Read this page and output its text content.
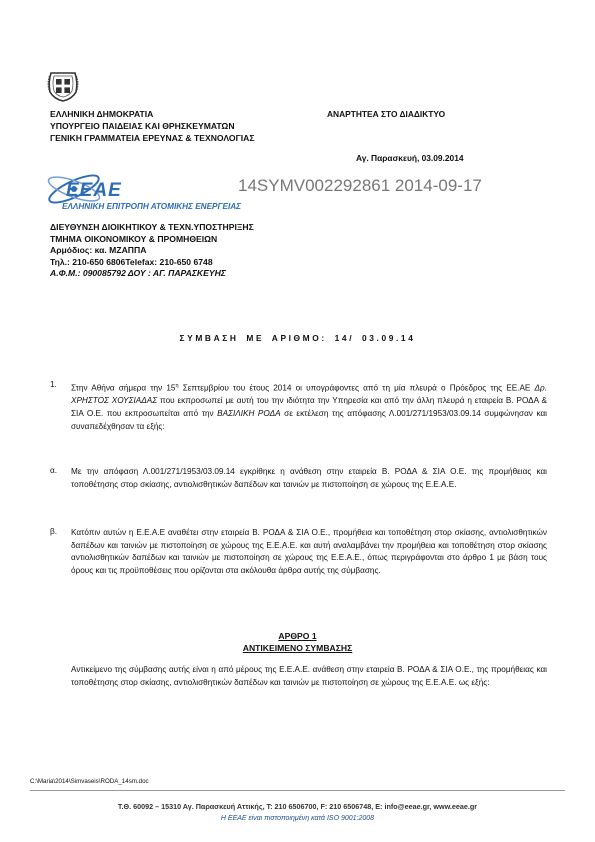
ΕΛΛΗΝΙΚΗ ΔΗΜΟΚΡΑΤΙΑ
ΥΠΟΥΡΓΕΙΟ ΠΑΙΔΕΙΑΣ ΚΑΙ ΘΡΗΣΚΕΥΜΑΤΩΝ
ΓΕΝΙΚΗ ΓΡΑΜΜΑΤΕΙΑ ΕΡΕΥΝΑΣ & ΤΕΧΝΟΛΟΓΙΑΣ
ΑΝΑΡΤΗΤΕΑ ΣΤΟ ΔΙΑΔΙΚΤΥΟ
Αγ. Παρασκευή, 03.09.2014
ΕΕΑΕ
ΕΛΛΗΝΙΚΗ ΕΠΙΤΡΟΠΗ ΑΤΟΜΙΚΗΣ ΕΝΕΡΓΕΙΑΣ
14SYMV002292861 2014-09-17
ΔΙΕΥΘΥΝΣΗ ΔΙΟΙΚΗΤΙΚΟΥ & ΤΕΧΝ.ΥΠΟΣΤΗΡΙΞΗΣ
ΤΜΗΜΑ ΟΙΚΟΝΟΜΙΚΟΥ & ΠΡΟΜΗΘΕΙΩΝ
Αρμόδιος: κα. ΜΖΑΠΠΑ
Τηλ.: 210-650 6806Telefax: 210-650 6748
Α.Φ.Μ.: 090085792 ΔΟΥ : ΑΓ. ΠΑΡΑΣΚΕΥΗΣ
ΣΥΜΒΑΣΗ ΜΕ ΑΡΙΘΜΟ: 14/ 03.09.14
1. Στην Αθήνα σήμερα την $15^\eta$ Σεπτεμβρίου του έτους 2014 οι υπογράφοντες από τη μία πλευρά ο Πρόεδρος της ΕΕ.ΑΕ Δρ. ΧΡΗΣΤΟΣ ΧΟΥΣΙΑΔΑΣ που εκπροσωπεί με αυτή του την ιδιότητα την Υπηρεσία και από την άλλη πλευρά η εταιρεία Β. ΡΟΔΑ & ΣΙΑ Ο.Ε. που εκπροσωπείται από την ΒΑΣΙΛΙΚΗ ΡΟΔΑ σε εκτέλεση της απόφασης Λ.001/271/1953/03.09.14 συμφώνησαν και συναπεδέχθησαν τα εξής:
α. Με την απόφαση Λ.001/271/1953/03.09.14 εγκρίθηκε η ανάθεση στην εταιρεία Β. ΡΟΔΑ & ΣΙΑ Ο.Ε. της προμήθειας και τοποθέτησης στορ σκίασης, αντιολισθητικών δαπέδων και ταινιών με πιστοποίηση σε χώρους της Ε.Ε.Α.Ε.
β. Κατόπιν αυτών η Ε.Ε.Α.Ε αναθέτει στην εταιρεία Β. ΡΟΔΑ & ΣΙΑ Ο.Ε., προμήθεια και τοποθέτηση στορ σκίασης, αντιολισθητικών δαπέδων και ταινιών με πιστοποίηση σε χώρους της Ε.Ε.Α.Ε. και αυτή αναλαμβάνει την προμήθεια και τοποθέτηση στορ σκίασης αντιολισθητικών δαπέδων και ταινιών με πιστοποίηση σε χώρους της Ε.Ε.Α.Ε., όπως περιγράφονται στο άρθρο 1 με βάση τους όρους και τις προϋποθέσεις που ορίζονται στα ακόλουθα άρθρα αυτής της σύμβασης.
ΑΡΘΡΟ 1
ΑΝΤΙΚΕΙΜΕΝΟ ΣΥΜΒΑΣΗΣ
Αντικείμενο της σύμβασης αυτής είναι η από μέρους της Ε.Ε.Α.Ε. ανάθεση στην εταιρεία Β. ΡΟΔΑ & ΣΙΑ Ο.Ε., της προμήθειας και τοποθέτησης στορ σκίασης, αντιολισθητικών δαπέδων και ταινιών με πιστοποίηση σε χώρους της Ε.Ε.Α.Ε. ως εξής:
C:\Maria\2014\Simvaseis\RODA_14sm.doc
Τ.Θ. 60092 – 15310 Αγ. Παρασκευή Αττικής, Τ: 210 6506700, F: 210 6506748, E: info@eeae.gr, www.eeae.gr
Η ΕΕΑΕ είναι πιστοποιημένη κατά ISO 9001:2008
